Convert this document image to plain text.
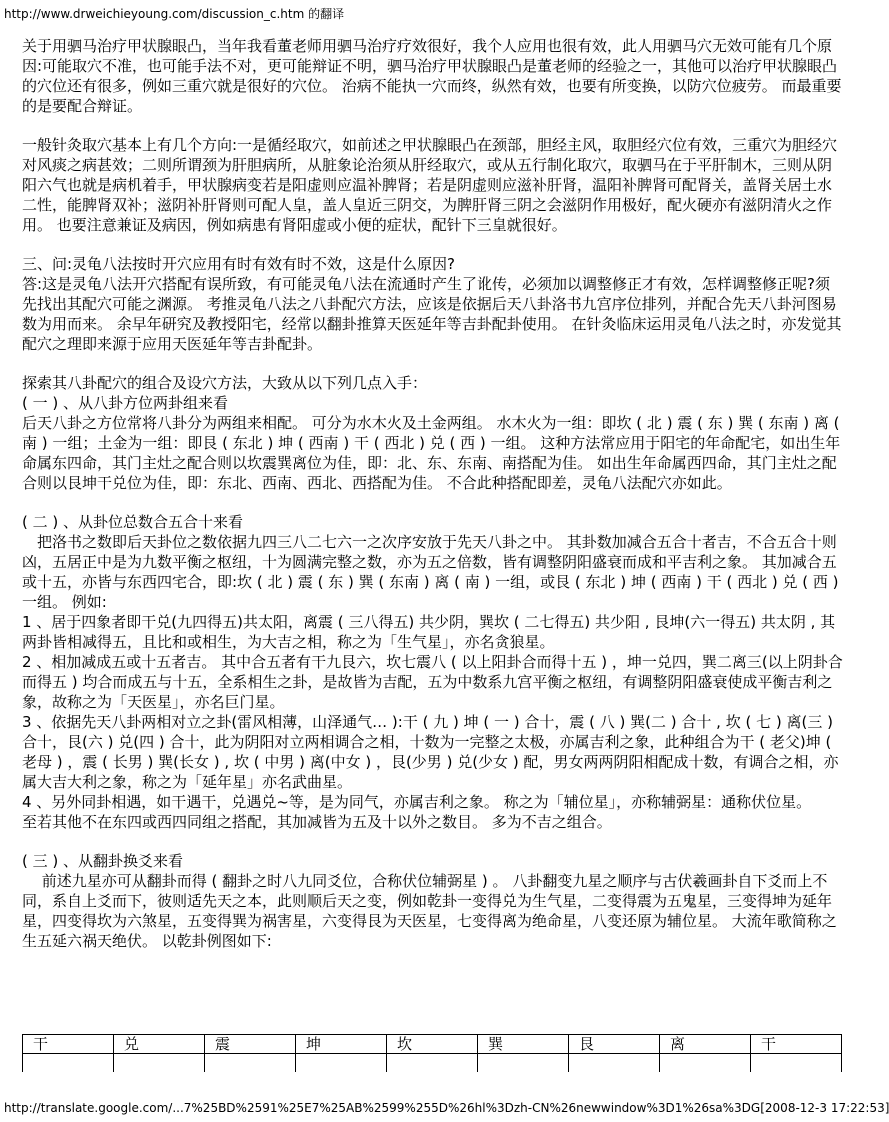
http://www.drweichieyoung.com/discussion_c.htm 的翻译

关于用驷马治疗甲状腺眼凸，当年我看董老师用驷马治疗疗效很好，我个人应用也很有效，此人用驷马穴无效可能有几个原因:可能取穴不准，也可能手法不对，更可能辩证不明，驷马治疗甲状腺眼凸是董老师的经验之一，其他可以治疗甲状腺眼凸的穴位还有很多，例如三重穴就是很好的穴位。 治病不能执一穴而终，纵然有效，也要有所变换，以防穴位疲劳。 而最重要的是要配合辩证。

一般针灸取穴基本上有几个方向:一是循经取穴，如前述之甲状腺眼凸在颈部，胆经主风，取胆经穴位有效，三重穴为胆经穴对风痰之病甚效；二则所谓颈为肝胆病所，从脏象论治须从肝经取穴，或从五行制化取穴，取驷马在于平肝制木，三则从阴阳六气也就是病机着手，甲状腺病变若是阳虚则应温补脾肾；若是阴虚则应滋补肝肾，温阳补脾肾可配肾关，盖肾关居土水二性，能脾肾双补；滋阴补肝肾则可配人皇，盖人皇近三阴交，为脾肝肾三阴之会滋阴作用极好，配火硬亦有滋阴清火之作用。 也要注意兼证及病因，例如病患有肾阳虚或小便的症状，配针下三皇就很好。

三、问:灵龟八法按时开穴应用有时有效有时不效，这是什么原因?
答:这是灵龟八法开穴搭配有误所致，有可能灵龟八法在流通时产生了讹传，必须加以调整修正才有效，怎样调整修正呢?须先找出其配穴可能之渊源。 考推灵龟八法之八卦配穴方法，应该是依据后天八卦洛书九宫序位排列，并配合先天八卦河图易数为用而来。 余早年研究及教授阳宅，经常以翻卦推算天医延年等吉卦配卦使用。 在针灸临床运用灵龟八法之时，亦发觉其配穴之理即来源于应用天医延年等吉卦配卦。

探索其八卦配穴的组合及设穴方法，大致从以下列几点入手：
( 一 ) 、从八卦方位两卦组来看
后天八卦之方位常将八卦分为两组来相配。 可分为水木火及土金两组。 水木火为一组：即坎 ( 北 ) 震 ( 东 ) 巽 ( 东南 ) 离 ( 南 ) 一组；土金为一组：即艮 ( 东北 ) 坤 ( 西南 ) 干 ( 西北 ) 兑 ( 西 ) 一组。 这种方法常应用于阳宅的年命配宅，如出生年命属东四命，其门主灶之配合则以坎震巽离位为佳，即：北、东、东南、南搭配为佳。 如出生年命属西四命，其门主灶之配合则以艮坤干兑位为佳，即：东北、西南、西北、西搭配为佳。 不合此种搭配即差，灵龟八法配穴亦如此。

( 二 ) 、从卦位总数合五合十来看
　把洛书之数即后天卦位之数依据九四三八二七六一之次序安放于先天八卦之中。 其卦数加减合五合十者吉，不合五合十则凶，五居正中是为九数平衡之枢纽，十为圆满完整之数，亦为五之倍数，皆有调整阴阳盛衰而成和平吉利之象。 其加减合五或十五，亦皆与东西四宅合，即:坎 ( 北 ) 震 ( 东 ) 巽 ( 东南 ) 离 ( 南 ) 一组，或艮 ( 东北 ) 坤 ( 西南 ) 干 ( 西北 ) 兑 ( 西 ) 一组。 例如:
1 、居于四象者即干兑(九四得五)共太阳，离震 ( 三八得五) 共少阴，巽坎 ( 二七得五) 共少阳 , 艮坤(六一得五) 共太阴 , 其两卦皆相减得五，且比和或相生，为大吉之相，称之为「生气星」，亦名贪狼星。
2 、相加减成五或十五者吉。 其中合五者有干九艮六，坎七震八 ( 以上阳卦合而得十五 ) ，坤一兑四，巽二离三(以上阴卦合而得五 ) 均合而成五与十五，全系相生之卦，是故皆为吉配，五为中数系九宫平衡之枢纽，有调整阴阳盛衰使成平衡吉利之象，故称之为「天医星」，亦名巨门星。
3 、依据先天八卦两相对立之卦(雷风相薄，山泽通气… ):干 ( 九 ) 坤 ( 一 ) 合十，震 ( 八 ) 巽(二 ) 合十 , 坎 ( 七 ) 离(三 ) 合十，艮(六 ) 兑(四 ) 合十，此为阴阳对立两相调合之相，十数为一完整之太极，亦属吉利之象，此种组合为干 ( 老父)坤 ( 老母 ) ，震 ( 长男 ) 巽(长女 ) , 坎 ( 中男 ) 离(中女 ) ，艮(少男 ) 兑(少女 ) 配，男女两两阴阳相配成十数，有调合之相，亦属大吉大利之象，称之为「延年星」亦名武曲星。
4 、另外同卦相遇，如干遇干，兑遇兑~等，是为同气，亦属吉利之象。 称之为「辅位星」，亦称辅弼星：通称伏位星。
至若其他不在东四或西四同组之搭配，其加减皆为五及十以外之数目。 多为不吉之组合。

( 三 ) 、从翻卦换爻来看
　 前述九星亦可从翻卦而得 ( 翻卦之时八九同爻位，合称伏位辅弼星 ) 。 八卦翻变九星之顺序与古伏羲画卦自下爻而上不同，系自上爻而下，彼则适先天之本，此则顺后天之变，例如乾卦一变得兑为生气星，二变得震为五鬼星，三变得坤为延年星，四变得坎为六煞星，五变得巽为祸害星，六变得艮为天医星，七变得离为绝命星，八变还原为辅位星。 大流年歌简称之生五延六祸天绝伏。 以乾卦例图如下:

干	兑	震	坤	坎	巽	艮	离	干

http://translate.google.com/...7%25BD%2591%25E7%25AB%2599%255D%26hl%3Dzh-CN%26newwindow%3D1%26sa%3DG[2008-12-3 17:22:53]
